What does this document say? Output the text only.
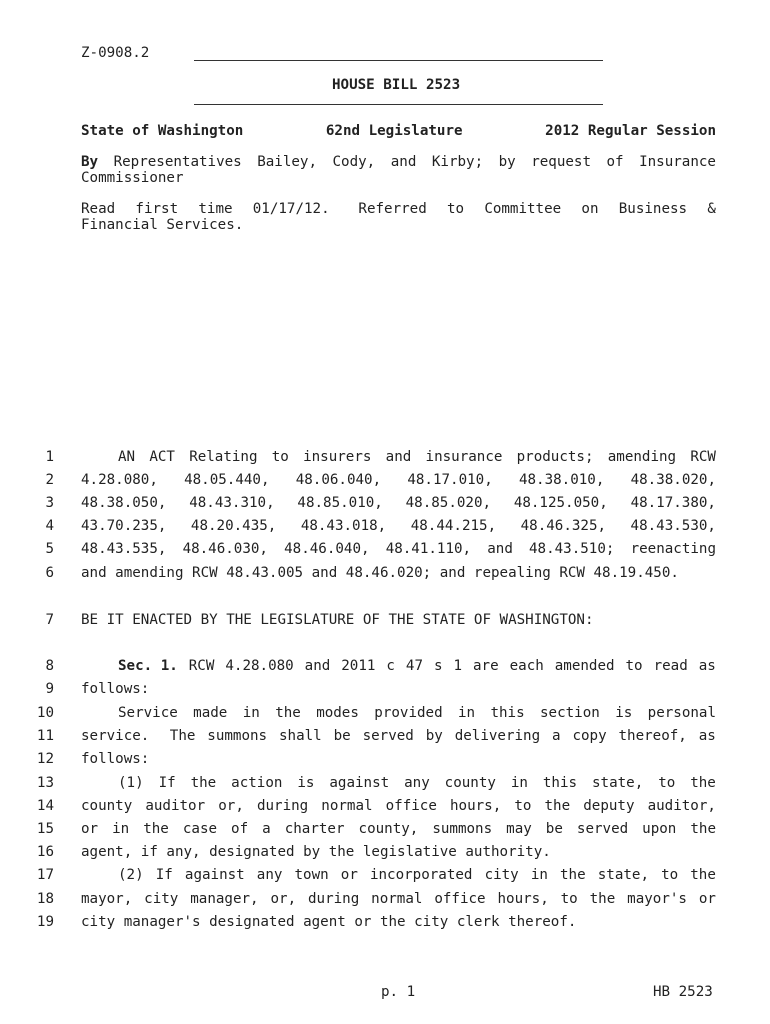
Z-0908.2
HOUSE BILL 2523
State of Washington	62nd Legislature	2012 Regular Session
By Representatives Bailey, Cody, and Kirby; by request of Insurance
Commissioner
Read first time 01/17/12. Referred to Committee on Business &
Financial Services.
1	AN ACT Relating to insurers and insurance products; amending RCW
2 4.28.080, 48.05.440, 48.06.040, 48.17.010, 48.38.010, 48.38.020,
3 48.38.050, 48.43.310, 48.85.010, 48.85.020, 48.125.050, 48.17.380,
4 43.70.235, 48.20.435, 48.43.018, 48.44.215, 48.46.325, 48.43.530,
5 48.43.535, 48.46.030, 48.46.040, 48.41.110, and 48.43.510; reenacting
6 and amending RCW 48.43.005 and 48.46.020; and repealing RCW 48.19.450.
7 BE IT ENACTED BY THE LEGISLATURE OF THE STATE OF WASHINGTON:
8	Sec. 1. RCW 4.28.080 and 2011 c 47 s 1 are each amended to read as
9 follows:
10	Service made in the modes provided in this section is personal
11 service. The summons shall be served by delivering a copy thereof, as
12 follows:
13	(1) If the action is against any county in this state, to the
14 county auditor or, during normal office hours, to the deputy auditor,
15 or in the case of a charter county, summons may be served upon the
16 agent, if any, designated by the legislative authority.
17	(2) If against any town or incorporated city in the state, to the
18 mayor, city manager, or, during normal office hours, to the mayor's or
19 city manager's designated agent or the city clerk thereof.
p. 1	HB 2523
